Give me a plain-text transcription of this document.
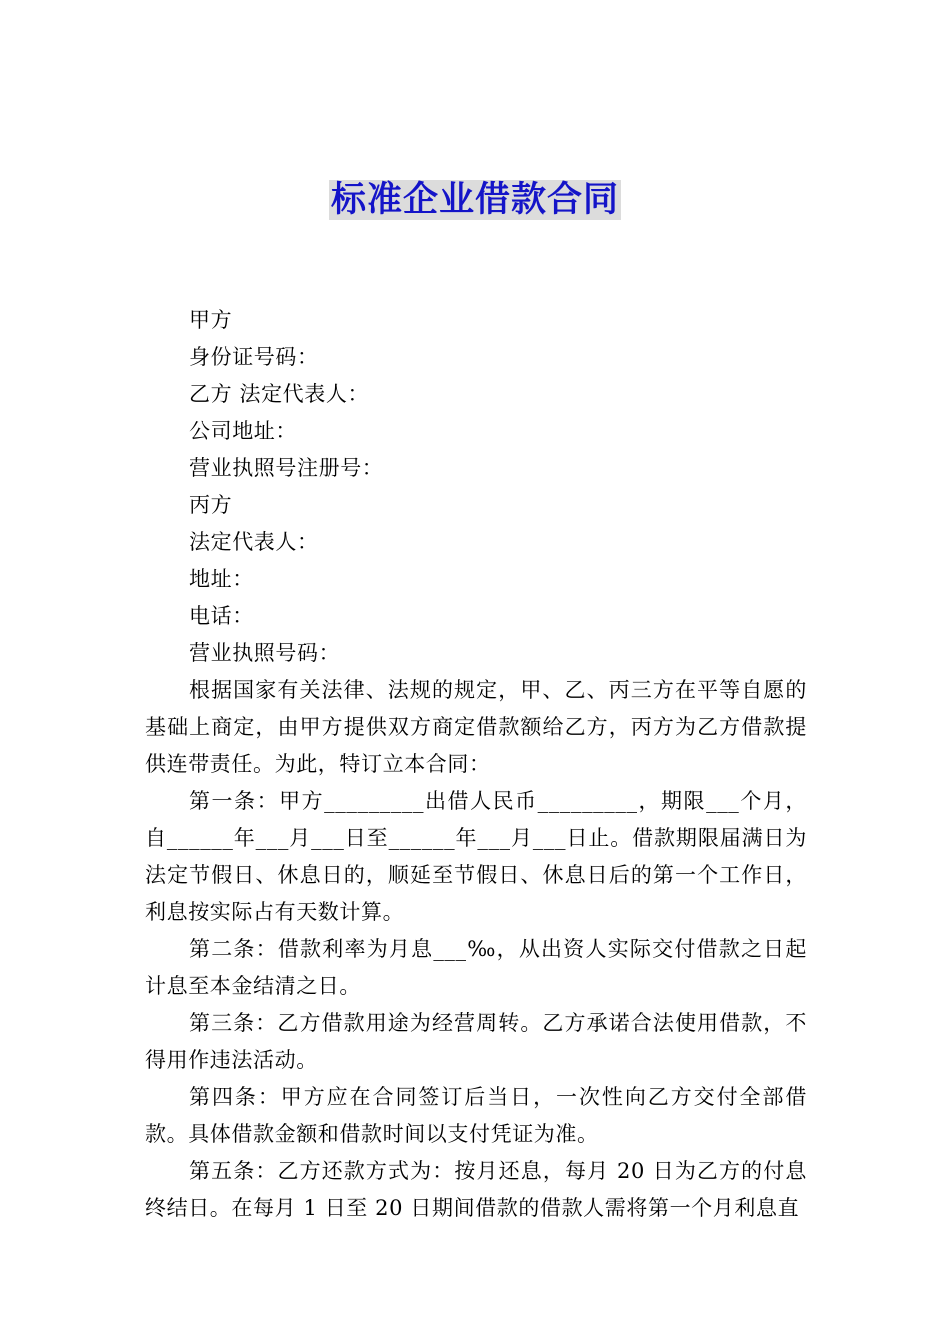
标准企业借款合同

甲方

身份证号码：

乙方 法定代表人：

公司地址：

营业执照号注册号：

丙方

法定代表人：

地址：

电话：

营业执照号码：

根据国家有关法律、法规的规定，甲、乙、丙三方在平等自愿的基础上商定，由甲方提供双方商定借款额给乙方，丙方为乙方借款提供连带责任。为此，特订立本合同：

第一条：甲方_________出借人民币_________，期限___个月，自______年___月___日至______年___月___日止。借款期限届满日为法定节假日、休息日的，顺延至节假日、休息日后的第一个工作日，利息按实际占有天数计算。

第二条：借款利率为月息___‰，从出资人实际交付借款之日起计息至本金结清之日。

第三条：乙方借款用途为经营周转。乙方承诺合法使用借款，不得用作违法活动。

第四条：甲方应在合同签订后当日，一次性向乙方交付全部借款。具体借款金额和借款时间以支付凭证为准。

第五条：乙方还款方式为：按月还息，每月 20 日为乙方的付息终结日。在每月 1 日至 20 日期间借款的借款人需将第一个月利息直
